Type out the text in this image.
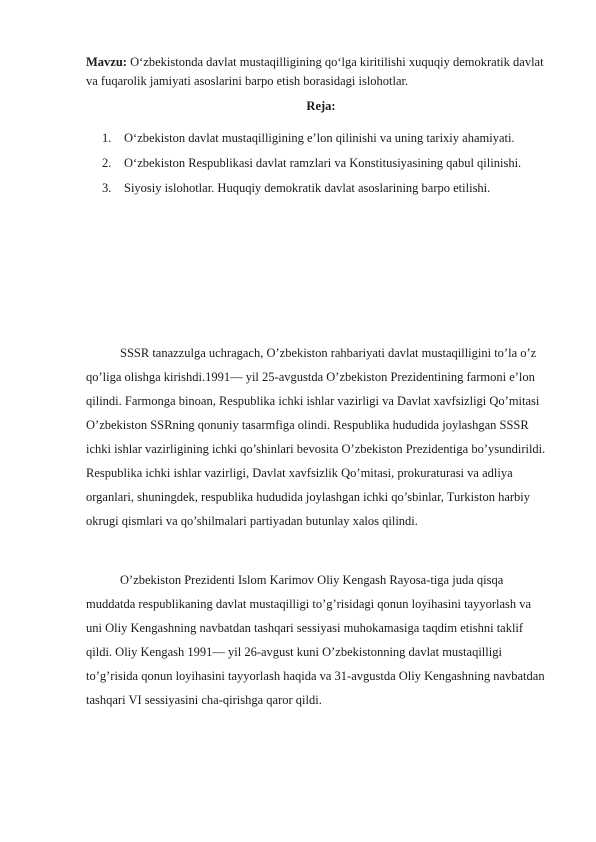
Mavzu: O‘zbekistonda davlat mustaqilligining qo‘lga kiritilishi xuquqiy demokratik davlat va fuqarolik jamiyati asoslarini barpo etish borasidagi islohotlar.
Reja:
1.	O‘zbekiston davlat mustaqilligining e’lon qilinishi va uning tarixiy ahamiyati.
2.	O‘zbekiston Respublikasi davlat ramzlari va Konstitusiyasining qabul qilinishi.
3.	Siyosiy islohotlar. Huquqiy demokratik davlat asoslarining barpo etilishi.

SSSR tanazzulga uchragach, O’zbekiston rahbariyati davlat mustaqilligini to’la o’z qo’liga olishga kirishdi.1991— yil 25-avgustda O’zbekiston Prezidentining farmoni e’lon qilindi. Farmonga binoan, Respublika ichki ishlar vazirligi va Davlat xavfsizligi Qo’mitasi O’zbekiston SSRning qonuniy tasarmfiga olindi. Respublika hududida joylashgan SSSR ichki ishlar vazirligining ichki qo’shinlari bevosita O’zbekiston Prezidentiga bo’ysundirildi. Respublika ichki ishlar vazirligi, Davlat xavfsizlik Qo’mitasi, prokuraturasi va adliya organlari, shuningdek, respublika hududida joylashgan ichki qo’sbinlar, Turkiston harbiy okrugi qismlari va qo’shilmalari partiyadan butunlay xalos qilindi.

O’zbekiston Prezidenti Islom Karimov Oliy Kengash Rayosa-tiga juda qisqa muddatda respublikaning davlat mustaqilligi to’g’risidagi qonun loyihasini tayyorlash va uni Oliy Kengashning navbatdan tashqari sessiyasi muhokamasiga taqdim etishni taklif qildi. Oliy Kengash 1991— yil 26-avgust kuni O’zbekistonning davlat mustaqilligi to’g’risida qonun loyihasini tayyorlash haqida va 31-avgustda Oliy Kengashning navbatdan tashqari VI sessiyasini cha-qirishga qaror qildi.
